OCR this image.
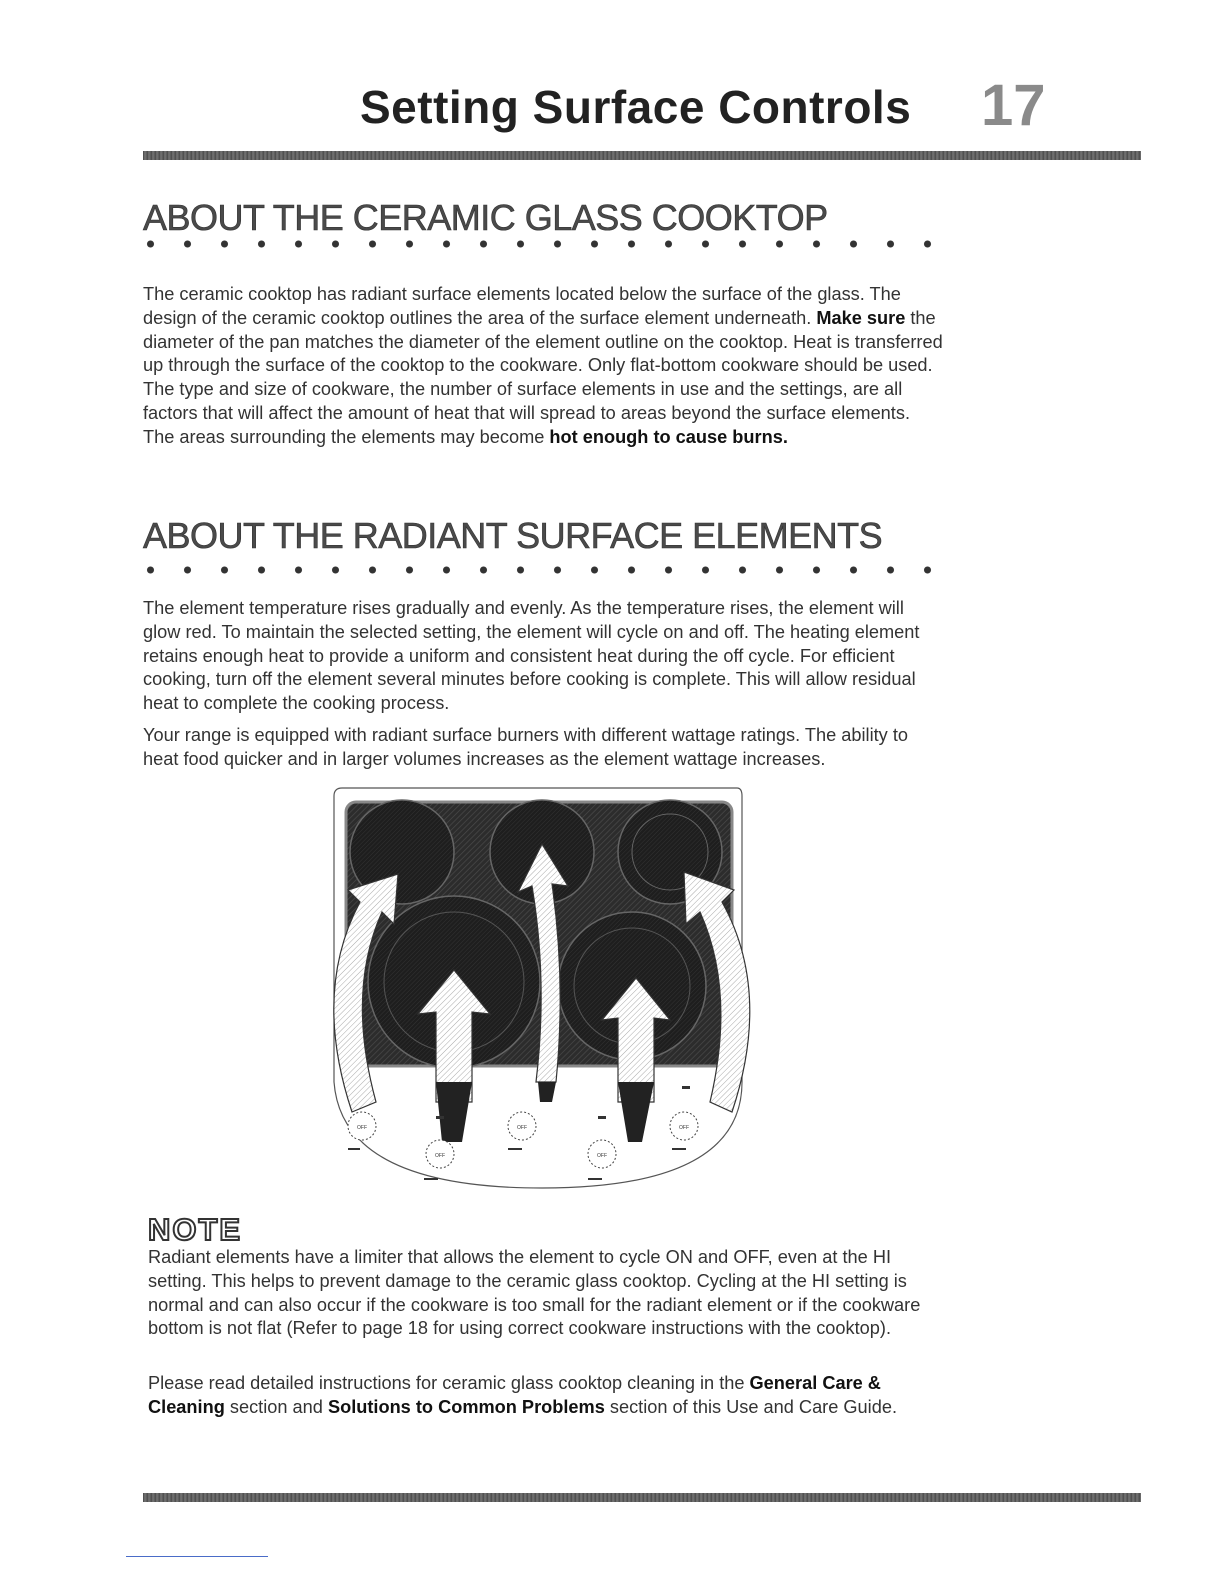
Setting Surface Controls 17
ABOUT THE CERAMIC GLASS COOKTOP
The ceramic cooktop has radiant surface elements located below the surface of the glass. The design of the ceramic cooktop outlines the area of the surface element underneath. Make sure the diameter of the pan matches the diameter of the element outline on the cooktop. Heat is transferred up through the surface of the cooktop to the cookware. Only flat-bottom cookware should be used. The type and size of cookware, the number of surface elements in use and the settings, are all factors that will affect the amount of heat that will spread to areas beyond the surface elements. The areas surrounding the elements may become hot enough to cause burns.
ABOUT THE RADIANT SURFACE ELEMENTS
The element temperature rises gradually and evenly. As the temperature rises, the element will glow red. To maintain the selected setting, the element will cycle on and off. The heating element retains enough heat to provide a uniform and consistent heat during the off cycle. For efficient cooking, turn off the element several minutes before cooking is complete. This will allow residual heat to complete the cooking process.
Your range is equipped with radiant surface burners with different wattage ratings. The ability to heat food quicker and in larger volumes increases as the element wattage increases.
OFF
OFF
OFF
OFF
OFF
NOTE
Radiant elements have a limiter that allows the element to cycle ON and OFF, even at the HI setting. This helps to prevent damage to the ceramic glass cooktop. Cycling at the HI setting is normal and can also occur if the cookware is too small for the radiant element or if the cookware bottom is not flat (Refer to page 18 for using correct cookware instructions with the cooktop).
Please read detailed instructions for ceramic glass cooktop cleaning in the General Care & Cleaning section and Solutions to Common Problems section of this Use and Care Guide.
